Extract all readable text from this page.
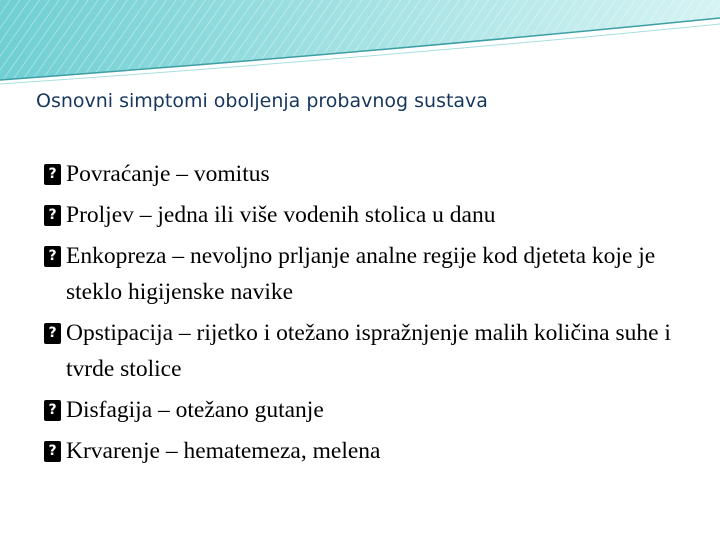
Osnovni simptomi oboljenja probavnog sustava
?
Povraćanje – vomitus
?
Proljev – jedna ili više vodenih stolica u danu
?
Enkopreza – nevoljno prljanje analne regije kod djeteta koje je steklo higijenske navike
?
Opstipacija – rijetko i otežano ispražnjenje malih količina suhe i tvrde stolice
?
Disfagija – otežano gutanje
?
Krvarenje – hematemeza, melena
